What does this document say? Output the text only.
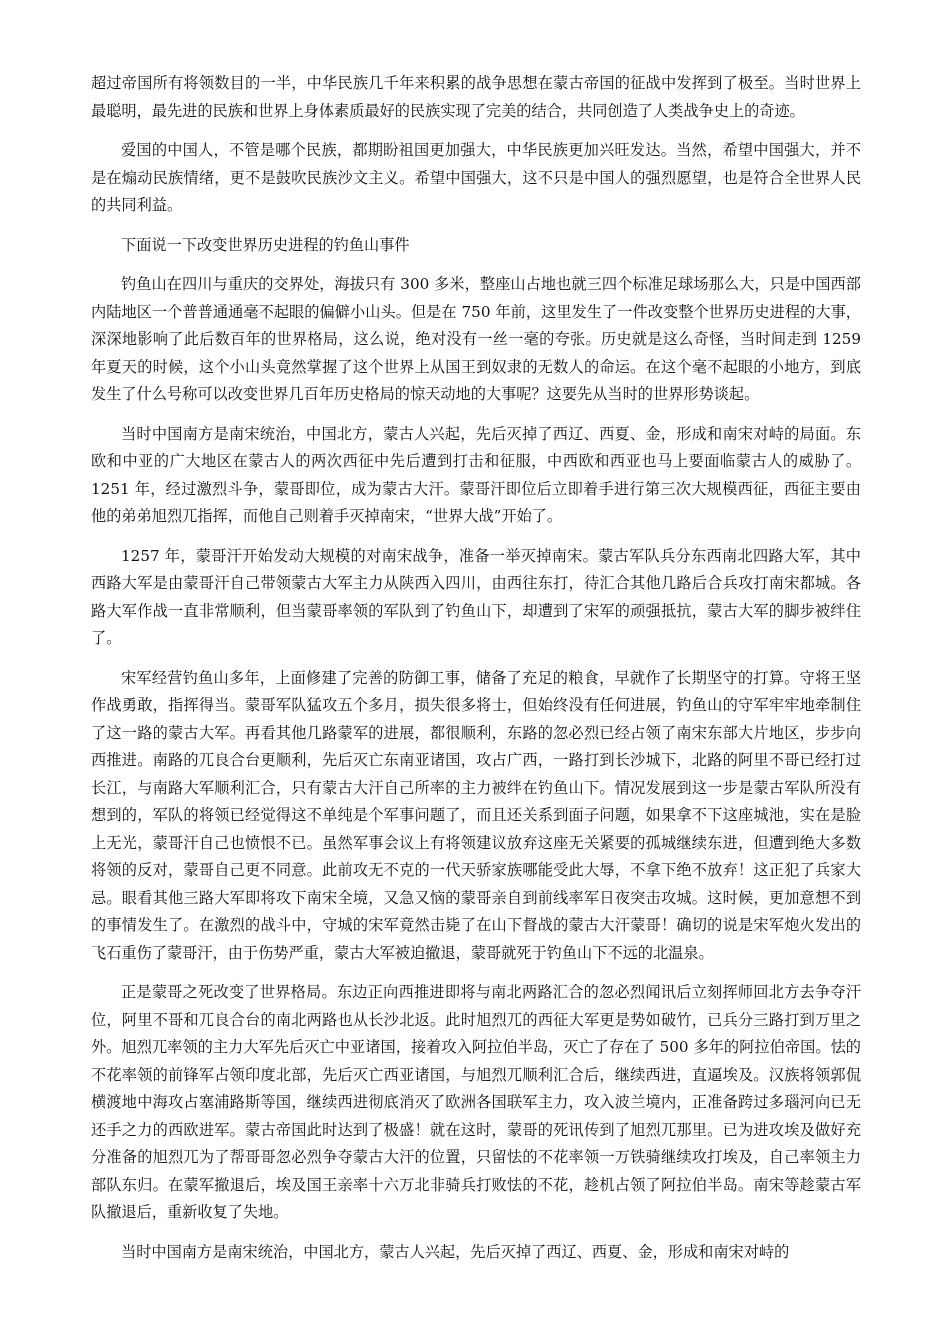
超过帝国所有将领数目的一半，中华民族几千年来积累的战争思想在蒙古帝国的征战中发挥到了极至。当时世界上最聪明，最先进的民族和世界上身体素质最好的民族实现了完美的结合，共同创造了人类战争史上的奇迹。

爱国的中国人，不管是哪个民族，都期盼祖国更加强大，中华民族更加兴旺发达。当然，希望中国强大，并不是在煽动民族情绪，更不是鼓吹民族沙文主义。希望中国强大，这不只是中国人的强烈愿望，也是符合全世界人民的共同利益。

下面说一下改变世界历史进程的钓鱼山事件

钓鱼山在四川与重庆的交界处，海拔只有 300 多米，整座山占地也就三四个标准足球场那么大，只是中国西部内陆地区一个普普通通毫不起眼的偏僻小山头。但是在 750 年前，这里发生了一件改变整个世界历史进程的大事，深深地影响了此后数百年的世界格局，这么说，绝对没有一丝一毫的夸张。历史就是这么奇怪，当时间走到 1259 年夏天的时候，这个小山头竟然掌握了这个世界上从国王到奴隶的无数人的命运。在这个毫不起眼的小地方，到底发生了什么号称可以改变世界几百年历史格局的惊天动地的大事呢？这要先从当时的世界形势谈起。

当时中国南方是南宋统治，中国北方，蒙古人兴起，先后灭掉了西辽、西夏、金，形成和南宋对峙的局面。东欧和中亚的广大地区在蒙古人的两次西征中先后遭到打击和征服，中西欧和西亚也马上要面临蒙古人的威胁了。1251 年，经过激烈斗争，蒙哥即位，成为蒙古大汗。蒙哥汗即位后立即着手进行第三次大规模西征，西征主要由他的弟弟旭烈兀指挥，而他自己则着手灭掉南宋，“世界大战”开始了。

1257 年，蒙哥汗开始发动大规模的对南宋战争，准备一举灭掉南宋。蒙古军队兵分东西南北四路大军，其中西路大军是由蒙哥汗自己带领蒙古大军主力从陕西入四川，由西往东打，待汇合其他几路后合兵攻打南宋都城。各路大军作战一直非常顺利，但当蒙哥率领的军队到了钓鱼山下，却遭到了宋军的顽强抵抗，蒙古大军的脚步被绊住了。

宋军经营钓鱼山多年，上面修建了完善的防御工事，储备了充足的粮食，早就作了长期坚守的打算。守将王坚作战勇敢，指挥得当。蒙哥军队猛攻五个多月，损失很多将士，但始终没有任何进展，钓鱼山的守军牢牢地牵制住了这一路的蒙古大军。再看其他几路蒙军的进展，都很顺利，东路的忽必烈已经占领了南宋东部大片地区，步步向西推进。南路的兀良合台更顺利，先后灭亡东南亚诸国，攻占广西，一路打到长沙城下，北路的阿里不哥已经打过长江，与南路大军顺利汇合，只有蒙古大汗自己所率的主力被绊在钓鱼山下。情况发展到这一步是蒙古军队所没有想到的，军队的将领已经觉得这不单纯是个军事问题了，而且还关系到面子问题，如果拿不下这座城池，实在是脸上无光，蒙哥汗自己也愤恨不已。虽然军事会议上有将领建议放弃这座无关紧要的孤城继续东进，但遭到绝大多数将领的反对，蒙哥自己更不同意。此前攻无不克的一代天骄家族哪能受此大辱，不拿下绝不放弃！这正犯了兵家大忌。眼看其他三路大军即将攻下南宋全境，又急又恼的蒙哥亲自到前线率军日夜突击攻城。这时候，更加意想不到的事情发生了。在激烈的战斗中，守城的宋军竟然击毙了在山下督战的蒙古大汗蒙哥！确切的说是宋军炮火发出的飞石重伤了蒙哥汗，由于伤势严重，蒙古大军被迫撤退，蒙哥就死于钓鱼山下不远的北温泉。

正是蒙哥之死改变了世界格局。东边正向西推进即将与南北两路汇合的忽必烈闻讯后立刻挥师回北方去争夺汗位，阿里不哥和兀良合台的南北两路也从长沙北返。此时旭烈兀的西征大军更是势如破竹，已兵分三路打到万里之外。旭烈兀率领的主力大军先后灭亡中亚诸国，接着攻入阿拉伯半岛，灭亡了存在了 500 多年的阿拉伯帝国。怯的不花率领的前锋军占领印度北部，先后灭亡西亚诸国，与旭烈兀顺利汇合后，继续西进，直逼埃及。汉族将领郭侃横渡地中海攻占塞浦路斯等国，继续西进彻底消灭了欧洲各国联军主力，攻入波兰境内，正准备跨过多瑙河向已无还手之力的西欧进军。蒙古帝国此时达到了极盛！就在这时，蒙哥的死讯传到了旭烈兀那里。已为进攻埃及做好充分准备的旭烈兀为了帮哥哥忽必烈争夺蒙古大汗的位置，只留怯的不花率领一万铁骑继续攻打埃及，自己率领主力部队东归。在蒙军撤退后，埃及国王亲率十六万北非骑兵打败怯的不花，趁机占领了阿拉伯半岛。南宋等趁蒙古军队撤退后，重新收复了失地。

当时中国南方是南宋统治，中国北方，蒙古人兴起，先后灭掉了西辽、西夏、金，形成和南宋对峙的
